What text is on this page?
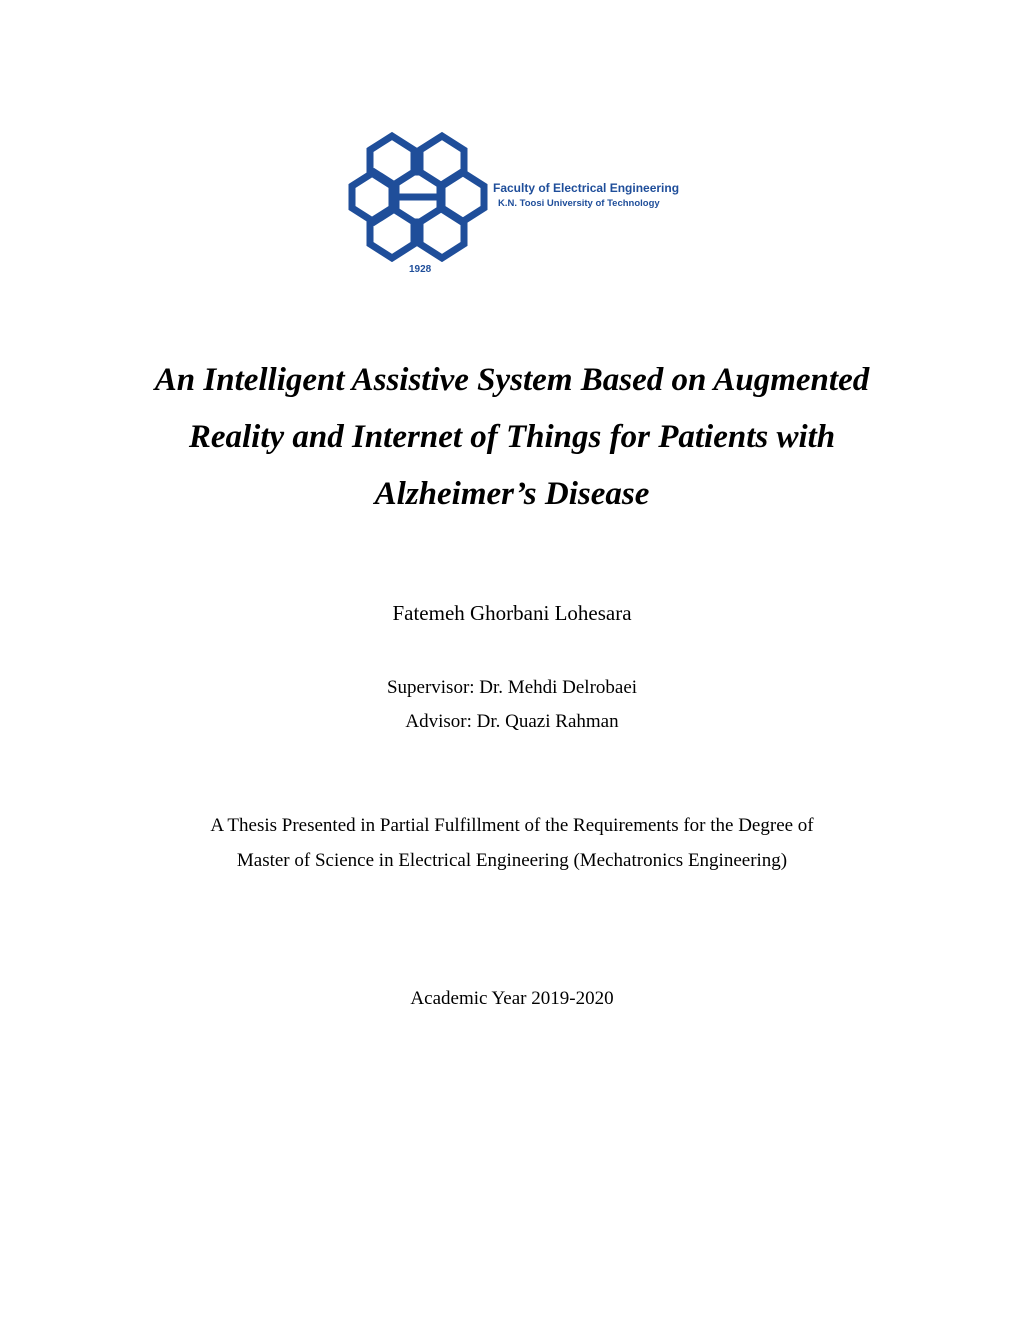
Faculty of Electrical Engineering
K.N. Toosi University of Technology
1928
An Intelligent Assistive System Based on Augmented
Reality and Internet of Things for Patients with
Alzheimer’s Disease
Fatemeh Ghorbani Lohesara
Supervisor: Dr. Mehdi Delrobaei
Advisor: Dr. Quazi Rahman
A Thesis Presented in Partial Fulfillment of the Requirements for the Degree of
Master of Science in Electrical Engineering (Mechatronics Engineering)
Academic Year 2019-2020
